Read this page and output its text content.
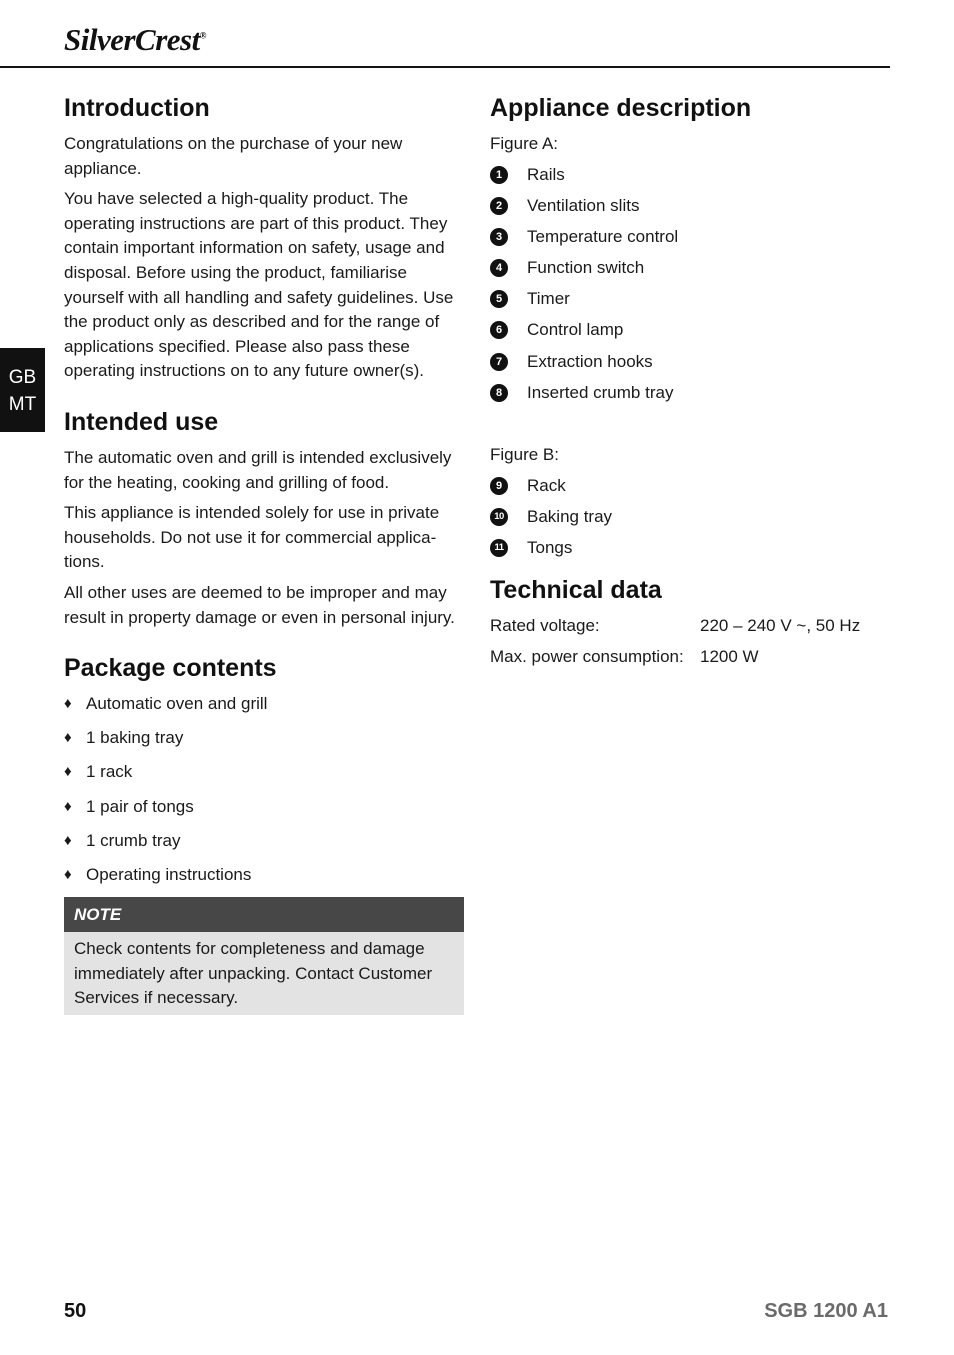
SilverCrest®
GB
MT
Introduction

Congratulations on the purchase of your new appliance.

You have selected a high-quality product. The operating instructions are part of this product. They contain important information on safety, usage and disposal. Before using the product, familiarise yourself with all handling and safety guidelines. Use the product only as described and for the range of applications specified. Please also pass these operating instructions on to any future owner(s).

Intended use

The automatic oven and grill is intended exclusively for the heating, cooking and grilling of food.

This appliance is intended solely for use in private households. Do not use it for commercial applica-tions.

All other uses are deemed to be improper and may result in property damage or even in personal injury.

Package contents
♦ Automatic oven and grill
♦ 1 baking tray
♦ 1 rack
♦ 1 pair of tongs
♦ 1 crumb tray
♦ Operating instructions
NOTE
Check contents for completeness and damage immediately after unpacking. Contact Customer Services if necessary.
Appliance description
Figure A:
1	Rails
2	Ventilation slits
3	Temperature control
4	Function switch
5	Timer
6	Control lamp
7	Extraction hooks
8	Inserted crumb tray
Figure B:
9	Rack
10 Baking tray
11 Tongs
Technical data
Rated voltage:	220 – 240 V ~, 50 Hz
Max. power consumption: 1200 W
50	SGB 1200 A1
